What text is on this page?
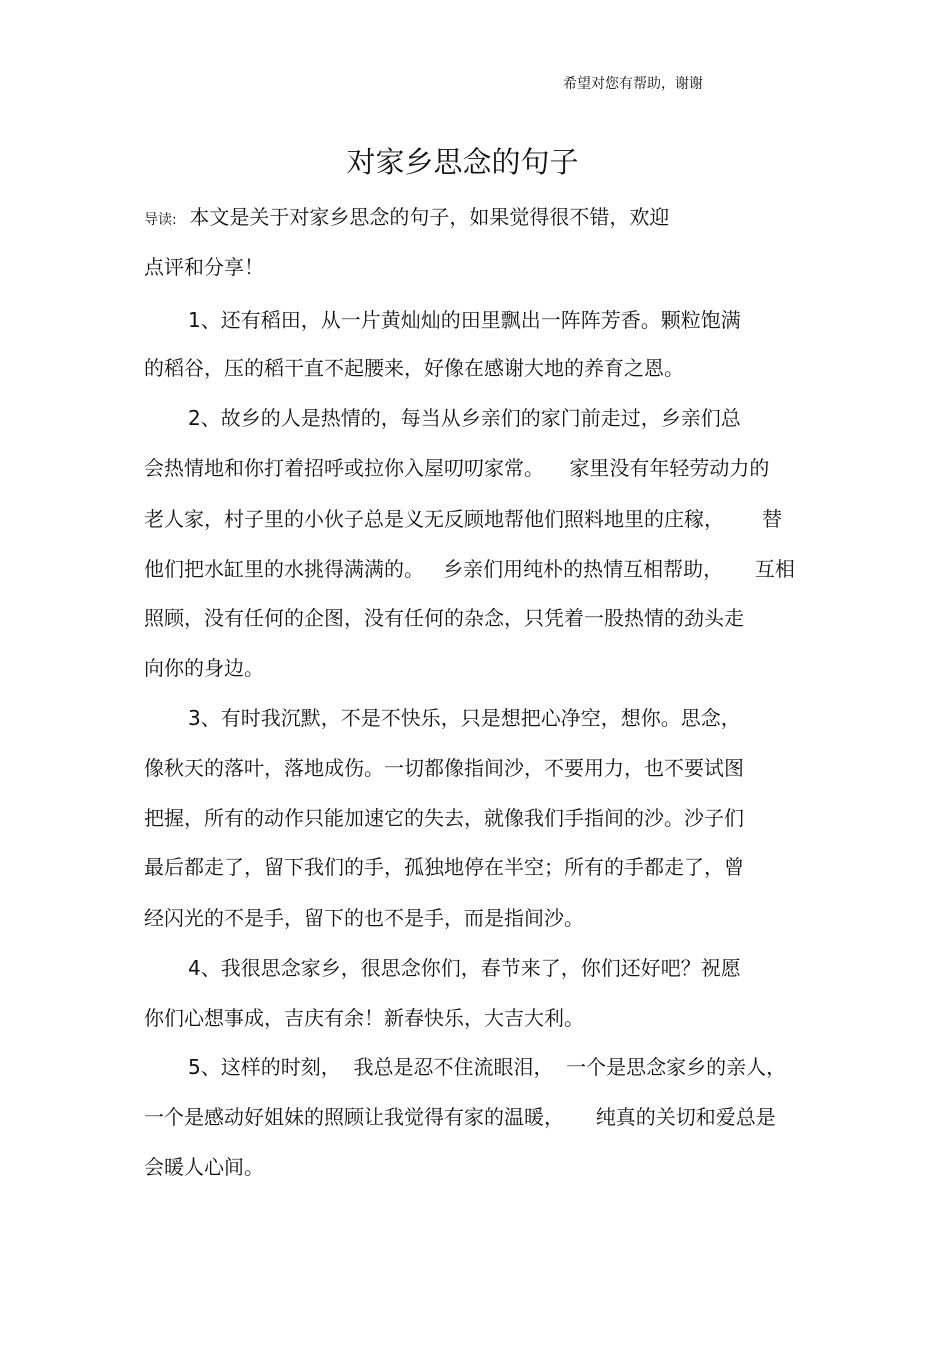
希望对您有帮助，谢谢
对家乡思念的句子
导读:  本文是关于对家乡思念的句子，如果觉得很不错，欢迎
点评和分享！
1、还有稻田，从一片黄灿灿的田里飘出一阵阵芳香。颗粒饱满
的稻谷，压的稻干直不起腰来，好像在感谢大地的养育之恩。
2、故乡的人是热情的，每当从乡亲们的家门前走过，乡亲们总
会热情地和你打着招呼或拉你入屋叨叨家常。    家里没有年轻劳动力的
老人家，村子里的小伙子总是义无反顾地帮他们照料地里的庄稼，      替
他们把水缸里的水挑得满满的。   乡亲们用纯朴的热情互相帮助，     互相
照顾，没有任何的企图，没有任何的杂念，只凭着一股热情的劲头走
向你的身边。
3、有时我沉默，不是不快乐，只是想把心净空，想你。思念，
像秋天的落叶，落地成伤。一切都像指间沙，不要用力，也不要试图
把握，所有的动作只能加速它的失去，就像我们手指间的沙。沙子们
最后都走了，留下我们的手，孤独地停在半空；所有的手都走了，曾
经闪光的不是手，留下的也不是手，而是指间沙。
4、我很思念家乡，很思念你们，春节来了，你们还好吧？祝愿
你们心想事成，吉庆有余！新春快乐，大吉大利。
5、这样的时刻，  我总是忍不住流眼泪，  一个是思念家乡的亲人，
一个是感动好姐妹的照顾让我觉得有家的温暖，     纯真的关切和爱总是
会暖人心间。
